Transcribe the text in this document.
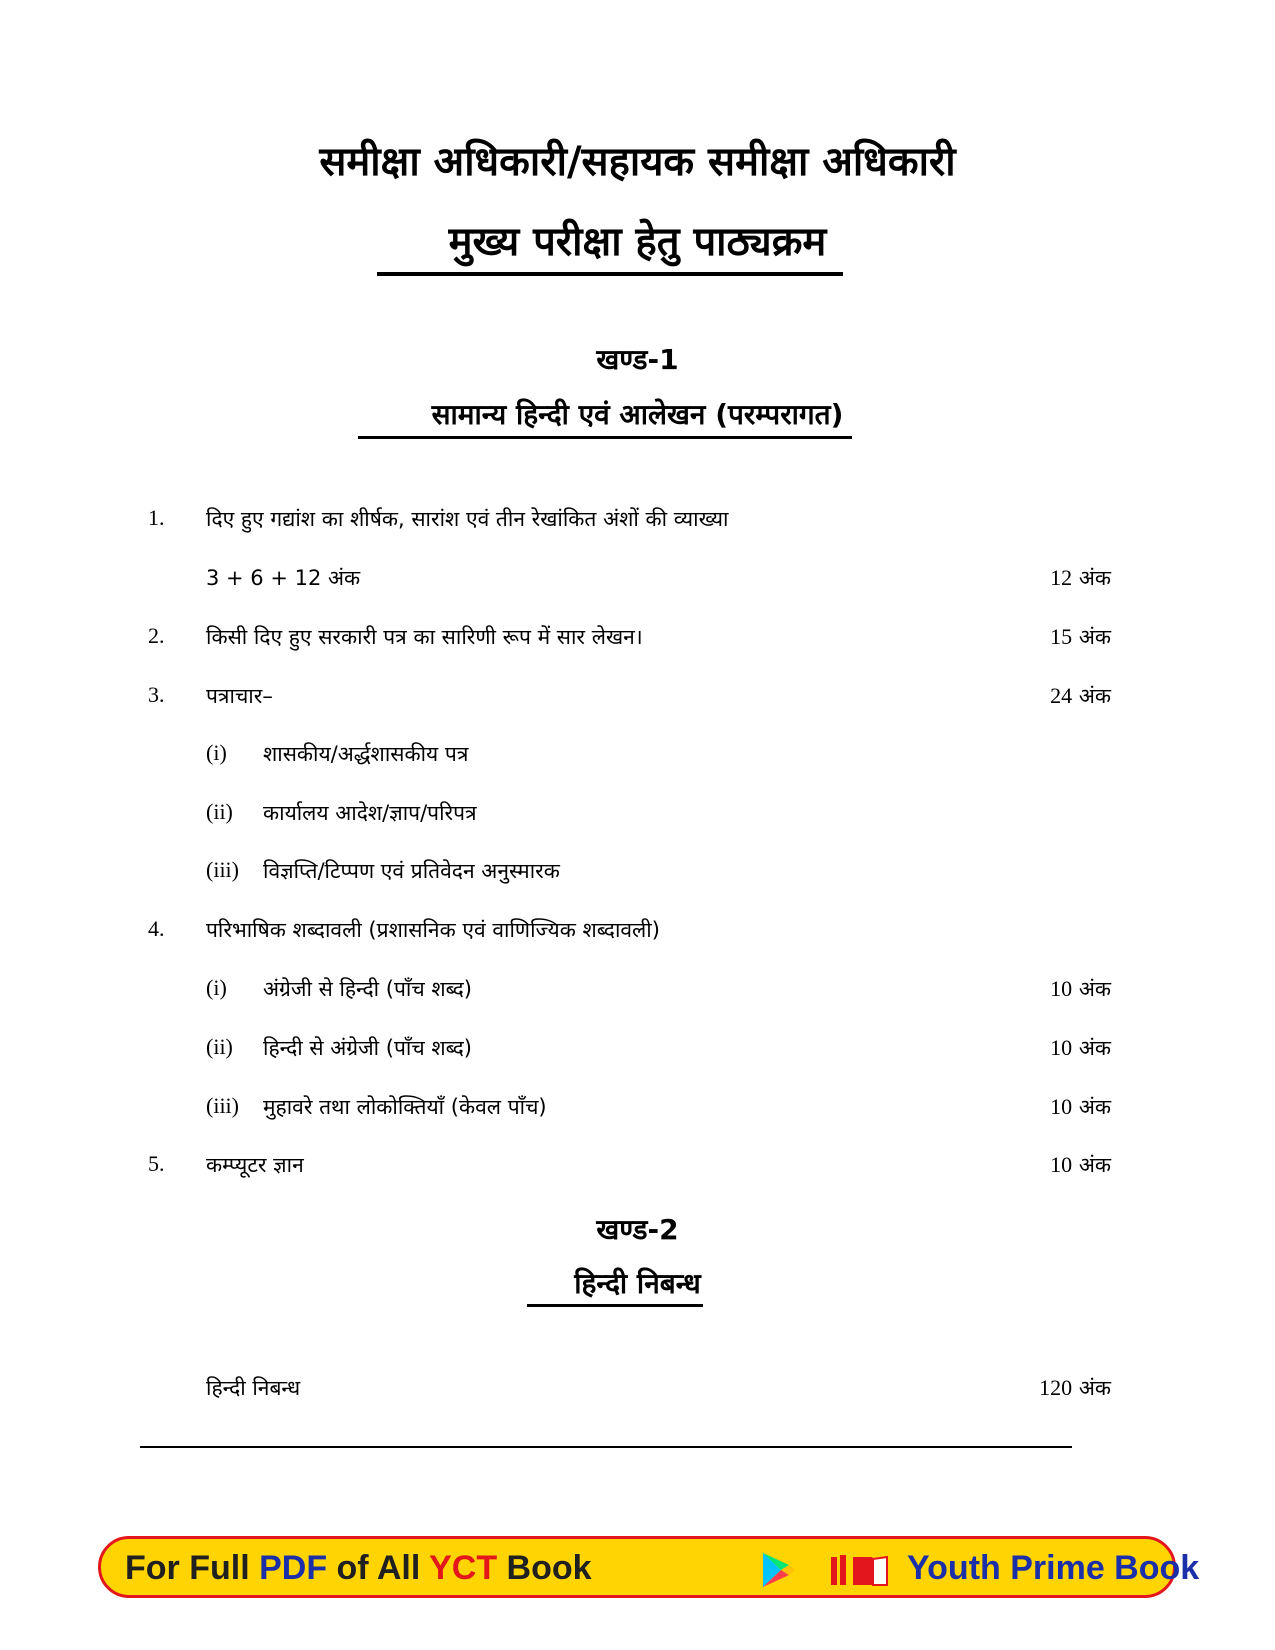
समीक्षा अधिकारी/सहायक समीक्षा अधिकारी
मुख्य परीक्षा हेतु पाठ्यक्रम
खण्ड-1
सामान्य हिन्दी एवं आलेखन (परम्परागत)
1. दिए हुए गद्यांश का शीर्षक, सारांश एवं तीन रेखांकित अंशों की व्याख्या
3 + 6 + 12 अंक	12 अंक
2. किसी दिए हुए सरकारी पत्र का सारिणी रूप में सार लेखन।	15 अंक
3. पत्राचार–	24 अंक
(i) शासकीय/अर्द्धशासकीय पत्र
(ii) कार्यालय आदेश/ज्ञाप/परिपत्र
(iii) विज्ञप्ति/टिप्पण एवं प्रतिवेदन अनुस्मारक
4. परिभाषिक शब्दावली (प्रशासनिक एवं वाणिज्यिक शब्दावली)
(i) अंग्रेजी से हिन्दी (पाँच शब्द)	10 अंक
(ii) हिन्दी से अंग्रेजी (पाँच शब्द)	10 अंक
(iii) मुहावरे तथा लोकोक्तियाँ (केवल पाँच)	10 अंक
5. कम्प्यूटर ज्ञान	10 अंक
खण्ड-2
हिन्दी निबन्ध
हिन्दी निबन्ध	120 अंक
For Full PDF of All YCT Book	Youth Prime Book
